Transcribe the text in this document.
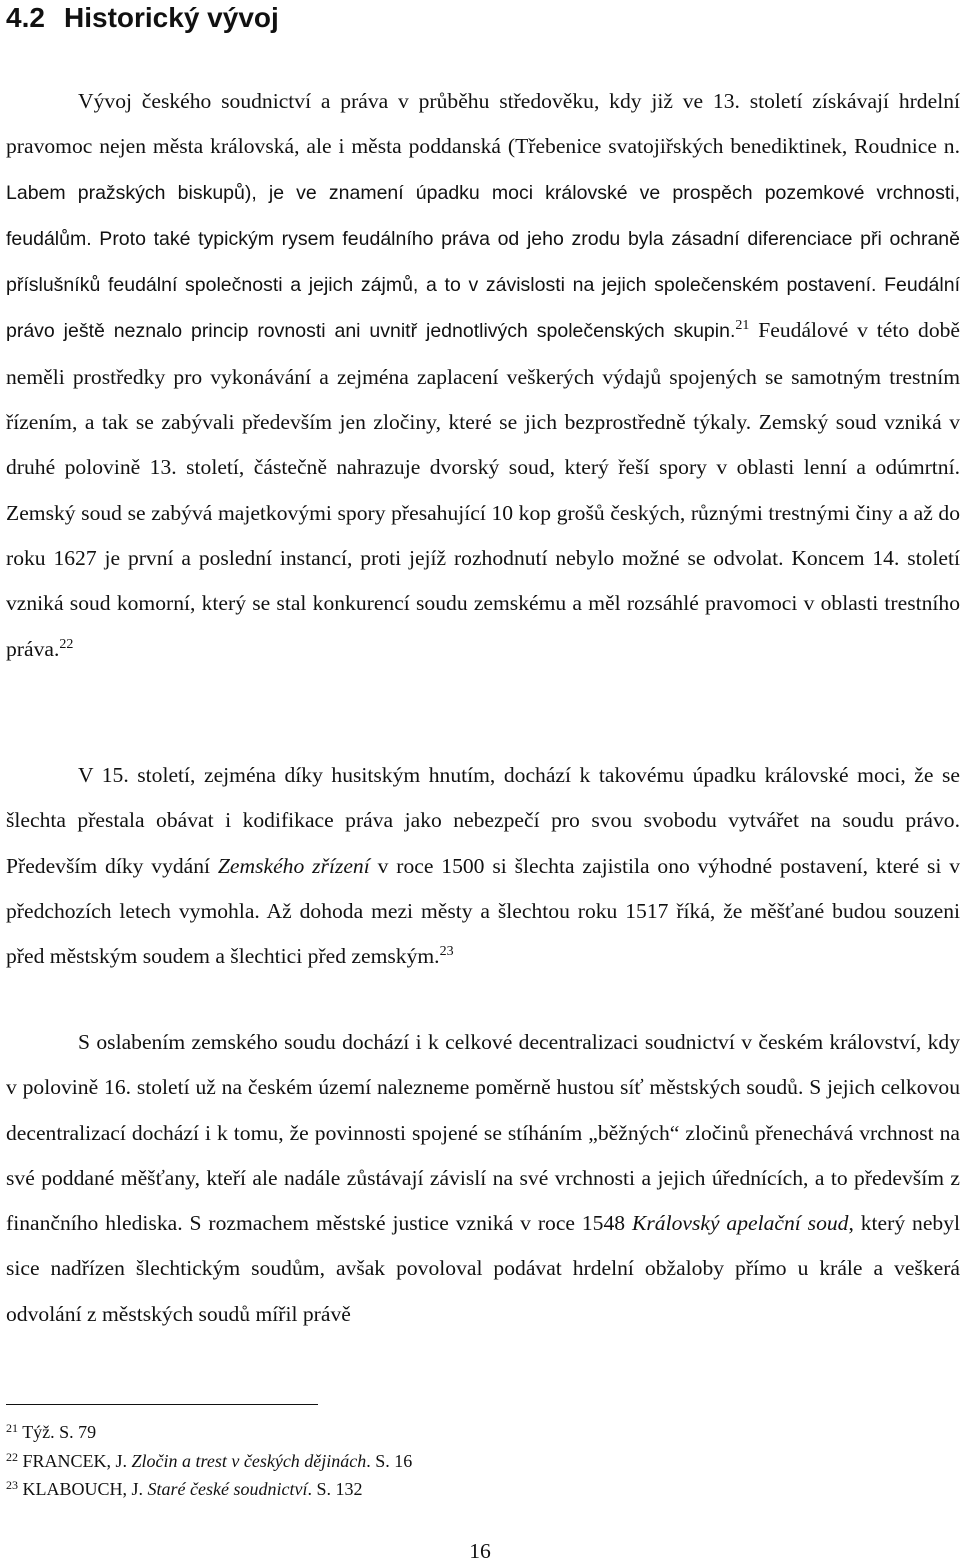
4.2 Historický vývoj

Vývoj českého soudnictví a práva v průběhu středověku, kdy již ve 13. století získávají hrdelní pravomoc nejen města královská, ale i města poddanská (Třebenice svatojiřských benediktinek, Roudnice n. Labem pražských biskupů), je ve znamení úpadku moci královské ve prospěch pozemkové vrchnosti, feudálům. Proto také typickým rysem feudálního práva od jeho zrodu byla zásadní diferenciace při ochraně příslušníků feudální společnosti a jejich zájmů, a to v závislosti na jejich společenském postavení. Feudální právo ještě neznalo princip rovnosti ani uvnitř jednotlivých společenských skupin.$^{21}$ Feudálové v této době neměli prostředky pro vykonávání a zejména zaplacení veškerých výdajů spojených se samotným trestním řízením, a tak se zabývali především jen zločiny, které se jich bezprostředně týkaly. Zemský soud vzniká v druhé polovině 13. století, částečně nahrazuje dvorský soud, který řeší spory v oblasti lenní a odúmrtní. Zemský soud se zabývá majetkovými spory přesahující 10 kop grošů českých, různými trestnými činy a až do roku 1627 je první a poslední instancí, proti jejíž rozhodnutí nebylo možné se odvolat. Koncem 14. století vzniká soud komorní, který se stal konkurencí soudu zemskému a měl rozsáhlé pravomoci v oblasti trestního práva.$^{22}$

V 15. století, zejména díky husitským hnutím, dochází k takovému úpadku královské moci, že se šlechta přestala obávat i kodifikace práva jako nebezpečí pro svou svobodu vytvářet na soudu právo. Především díky vydání Zemského zřízení v roce 1500 si šlechta zajistila ono výhodné postavení, které si v předchozích letech vymohla. Až dohoda mezi městy a šlechtou roku 1517 říká, že měšťané budou souzeni před městským soudem a šlechtici před zemským.$^{23}$

S oslabením zemského soudu dochází i k celkové decentralizaci soudnictví v českém království, kdy v polovině 16. století už na českém území nalezneme poměrně hustou síť městských soudů. S jejich celkovou decentralizací dochází i k tomu, že povinnosti spojené se stíháním „běžných“ zločinů přenechává vrchnost na své poddané měšťany, kteří ale nadále zůstávají závislí na své vrchnosti a jejich úřednících, a to především z finančního hlediska. S rozmachem městské justice vzniká v roce 1548 Královský apelační soud, který nebyl sice nadřízen šlechtickým soudům, avšak povoloval podávat hrdelní obžaloby přímo u krále a veškerá odvolání z městských soudů mířil právě

$^{21}$ Týž. S. 79

$^{22}$ FRANCEK, J. Zločin a trest v českých dějinách. S. 16

$^{23}$ KLABOUCH, J. Staré české soudnictví. S. 132

16
